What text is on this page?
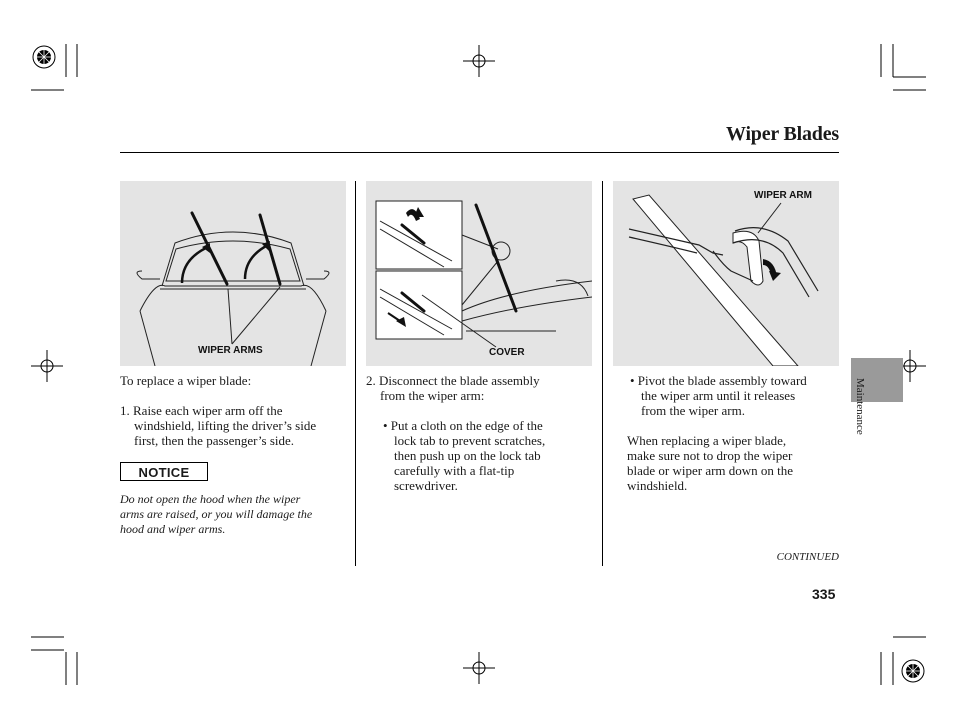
Wiper Blades
WIPER ARMS	COVER
WIPER ARM

To replace a wiper blade:

1. Raise each wiper arm off the

windshield, lifting the driver’s side

first, then the passenger’s side.

NOTICE
Do not open the hood when the wiper
arms are raised, or you will damage the
hood and wiper arms.

2. Disconnect the blade assembly

from the wiper arm:

• Put a cloth on the edge of the

lock tab to prevent scratches,

then push up on the lock tab

carefully with a flat-tip

screwdriver.

• Pivot the blade assembly toward

the wiper arm until it releases

from the wiper arm.

When replacing a wiper blade,

make sure not to drop the wiper

blade or wiper arm down on the

windshield.

CONTINUED
335
Maintenance
